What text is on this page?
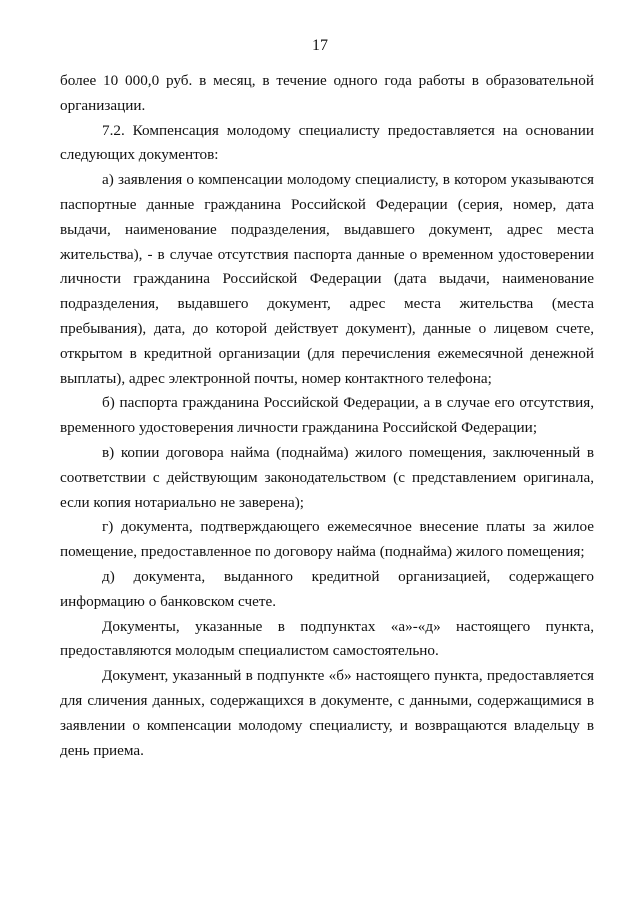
17

более 10 000,0 руб. в месяц, в течение одного года работы в образовательной организации.

7.2. Компенсация молодому специалисту предоставляется на основании следующих документов:

а) заявления о компенсации молодому специалисту, в котором указываются паспортные данные гражданина Российской Федерации (серия, номер, дата выдачи, наименование подразделения, выдавшего документ, адрес места жительства), - в случае отсутствия паспорта данные о временном удостоверении личности гражданина Российской Федерации (дата выдачи, наименование подразделения, выдавшего документ, адрес места жительства (места пребывания), дата, до которой действует документ), данные о лицевом счете, открытом в кредитной организации (для перечисления ежемесячной денежной выплаты), адрес электронной почты, номер контактного телефона;

б) паспорта гражданина Российской Федерации, а в случае его отсутствия, временного удостоверения личности гражданина Российской Федерации;

в) копии договора найма (поднайма) жилого помещения, заключенный в соответствии с действующим законодательством (с представлением оригинала, если копия нотариально не заверена);

г) документа, подтверждающего ежемесячное внесение платы за жилое помещение, предоставленное по договору найма (поднайма) жилого помещения;

д) документа, выданного кредитной организацией, содержащего информацию о банковском счете.

Документы, указанные в подпунктах «а»-«д» настоящего пункта, предоставляются молодым специалистом самостоятельно.

Документ, указанный в подпункте «б» настоящего пункта, предоставляется для сличения данных, содержащихся в документе, с данными, содержащимися в заявлении о компенсации молодому специалисту, и возвращаются владельцу в день приема.
